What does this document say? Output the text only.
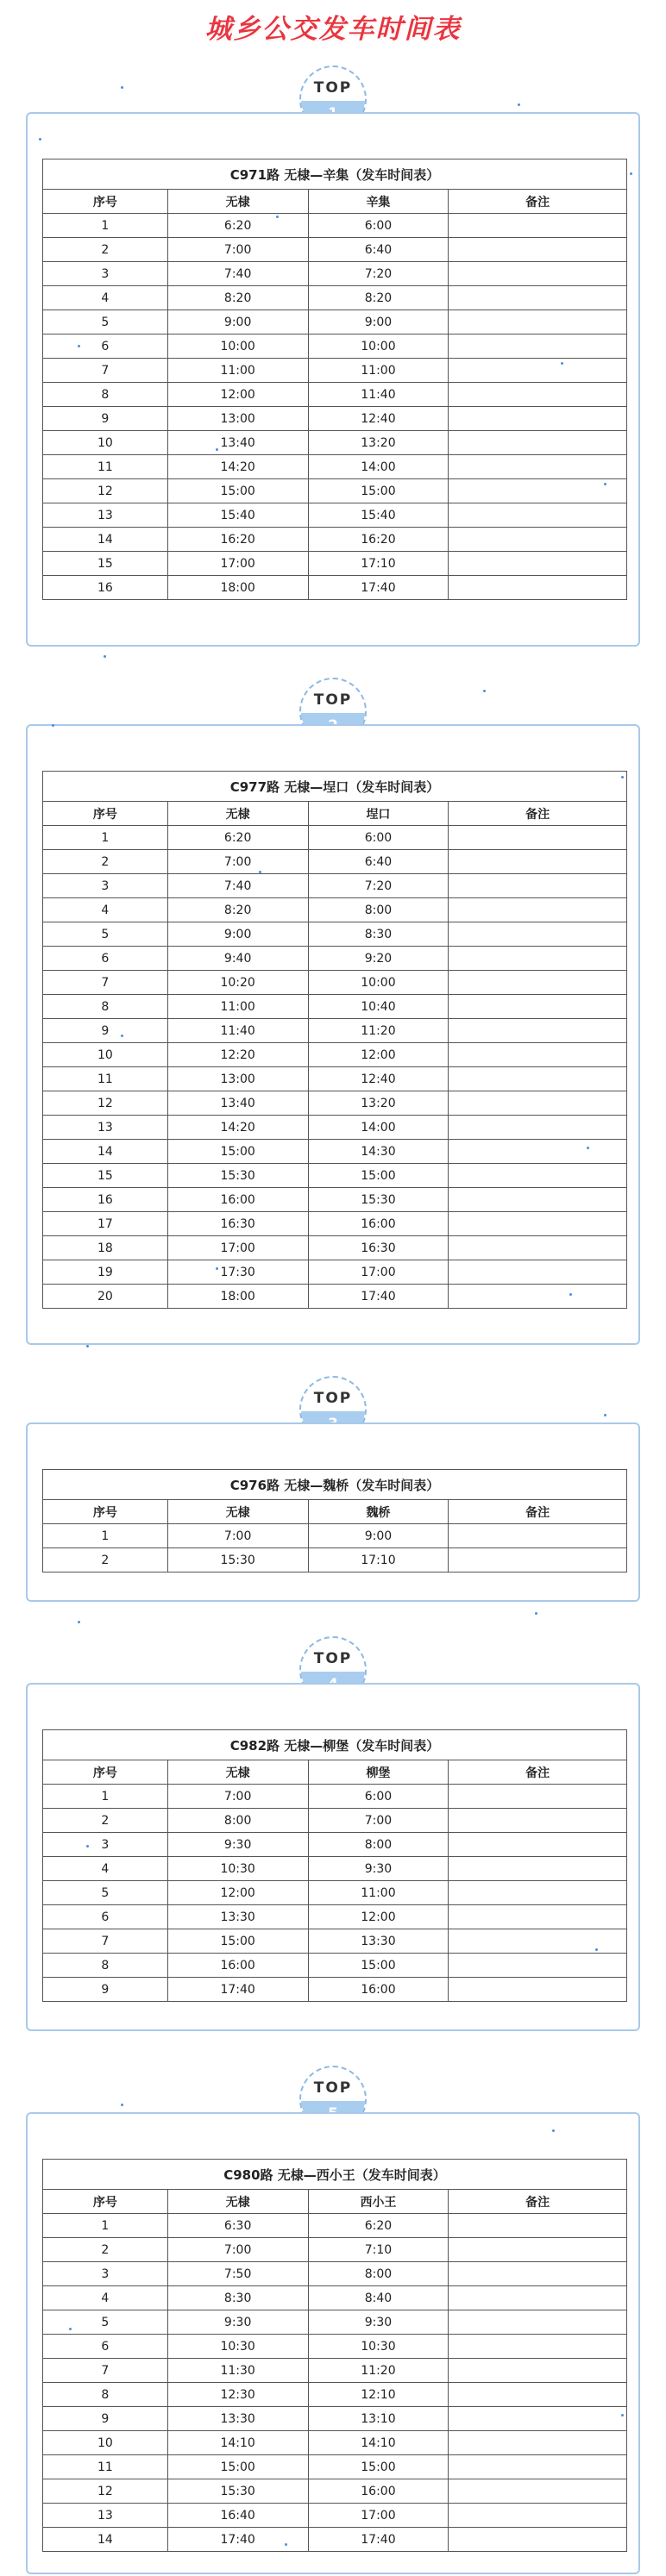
城乡公交发车时间表
TOP
C971路 无棣—辛集（发车时间表）			
序号	无棣	辛集	备注
1	6:20	6:00	
2	7:00	6:40	
3	7:40	7:20	
4	8:20	8:20	
5	9:00	9:00	
6	10:00	10:00	
7	11:00	11:00	
8	12:00	11:40	
9	13:00	12:40	
10	13:40	13:20	
11	14:20	14:00	
12	15:00	15:00	
13	15:40	15:40	
14	16:20	16:20	
15	17:00	17:10	
16	18:00	17:40	
TOP
C977路 无棣—埕口（发车时间表）			
序号	无棣	埕口	备注
1	6:20	6:00	
2	7:00	6:40	
3	7:40	7:20	
4	8:20	8:00	
5	9:00	8:30	
6	9:40	9:20	
7	10:20	10:00	
8	11:00	10:40	
9	11:40	11:20	
10	12:20	12:00	
11	13:00	12:40	
12	13:40	13:20	
13	14:20	14:00	
14	15:00	14:30	
15	15:30	15:00	
16	16:00	15:30	
17	16:30	16:00	
18	17:00	16:30	
19	17:30	17:00	
20	18:00	17:40	
TOP
C976路 无棣—魏桥（发车时间表）			
序号	无棣	魏桥	备注
1	7:00	9:00	
2	15:30	17:10	
TOP
C982路 无棣—柳堡（发车时间表）			
序号	无棣	柳堡	备注
1	7:00	6:00	
2	8:00	7:00	
3	9:30	8:00	
4	10:30	9:30	
5	12:00	11:00	
6	13:30	12:00	
7	15:00	13:30	
8	16:00	15:00	
9	17:40	16:00	
TOP
C980路 无棣—西小王（发车时间表）			
序号	无棣	西小王	备注
1	6:30	6:20	
2	7:00	7:10	
3	7:50	8:00	
4	8:30	8:40	
5	9:30	9:30	
6	10:30	10:30	
7	11:30	11:20	
8	12:30	12:10	
9	13:30	13:10	
10	14:10	14:10	
11	15:00	15:00	
12	15:30	16:00	
13	16:40	17:00	
14	17:40	17:40	
